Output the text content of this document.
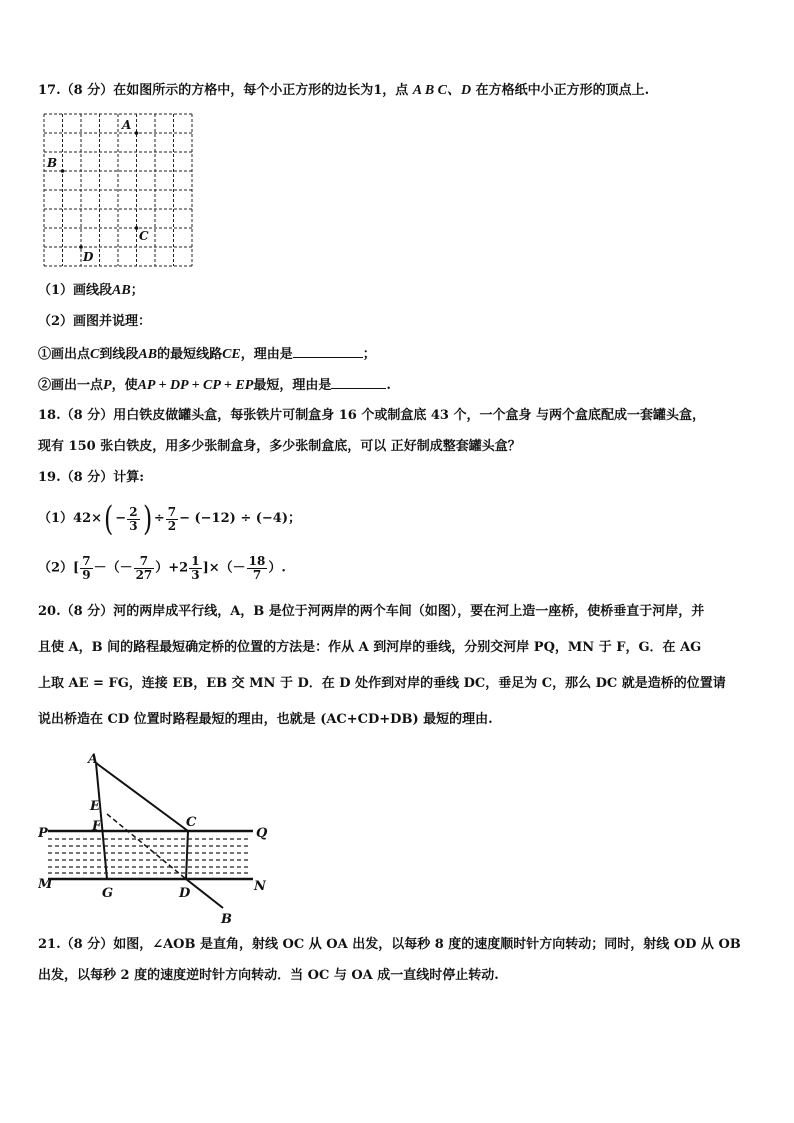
17.（8 分）在如图所示的方格中，每个小正方形的边长为1，点 A B C、D 在方格纸中小正方形的顶点上.
A
B
C
D
（1）画线段AB；
（2）画图并说理：
①画出点C到线段AB的最短线路CE，理由是	；
②画出一点P，使AP + DP + CP + EP最短，理由是	.
18.（8 分）用白铁皮做罐头盒，每张铁片可制盒身 16 个或制盒底 43 个，一个盒身 与两个盒底配成一套罐头盒，
现有 150 张白铁皮，用多少张制盒身，多少张制盒底，可以 正好制成整套罐头盒？
19.（8 分）计算:
$(1)42\times( - \frac{2}{3}$ ) ÷ $\frac{7}{2} - (-12) \div (-4)$；
$(2)[ \frac{7}{9}$ －（－ $\frac{7}{27} )+2 \frac{1}{3}$ ]×（－ $\frac{18}{7}$ ）.
20.（8 分）河的两岸成平行线，A，B 是位于河两岸的两个车间（如图），要在河上造一座桥，使桥垂直于河岸，并
且使 A，B 间的路程最短确定桥的位置的方法是：作从 A 到河岸的垂线，分别交河岸 PQ，MN 于 F，G．在 AG
上取 AE = FG，连接 EB，EB 交 MN 于 D．在 D 处作到对岸的垂线 DC，垂足为 C，那么 DC 就是造桥的位置请
说出桥造在 CD 位置时路程最短的理由，也就是 (AC+CD+DB) 最短的理由.
A
E
F	C
P	Q
M	N
G	D
B
21.（8 分）如图，∠AOB 是直角，射线 OC 从 OA 出发，以每秒 8 度的速度顺时针方向转动；同时，射线 OD 从 OB
出发，以每秒 2 度的速度逆时针方向转动．当 OC 与 OA 成一直线时停止转动.
